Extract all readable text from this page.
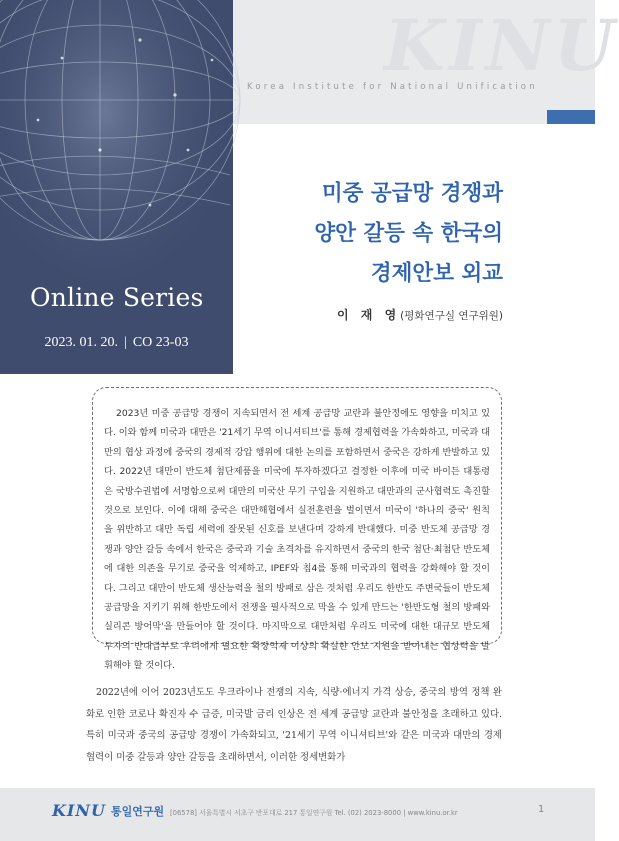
KINU
Korea Institute for National Unification
Online Series
2023. 01. 20. | CO 23-03
미중 공급망 경쟁과
양안 갈등 속 한국의
경제안보 외교
이 재 영(평화연구실 연구위원)
2023년 미중 공급망 경쟁이 지속되면서 전 세계 공급망 교란과 불안정에도 영향을 미치고 있다. 이와 함께 미국과 대만은 '21세기 무역 이니셔티브'를 통해 경제협력을 가속화하고, 미국과 대만의 협상 과정에 중국의 경제적 강압 행위에 대한 논의를 포함하면서 중국은 강하게 반발하고 있다. 2022년 대만이 반도체 첨단제품을 미국에 투자하겠다고 결정한 이후에 미국 바이든 대통령은 국방수권법에 서명함으로써 대만의 미국산 무기 구입을 지원하고 대만과의 군사협력도 촉진할 것으로 보인다. 이에 대해 중국은 대만해협에서 실전훈련을 벌이면서 미국이 '하나의 중국' 원칙을 위반하고 대만 독립 세력에 잘못된 신호를 보낸다며 강하게 반대했다. 미중 반도체 공급망 경쟁과 양안 갈등 속에서 한국은 중국과 기술 초격차를 유지하면서 중국의 한국 첨단·최첨단 반도체에 대한 의존을 무기로 중국을 억제하고, IPEF와 칩4를 통해 미국과의 협력을 강화해야 할 것이다. 그리고 대만이 반도체 생산능력을 철의 방패로 삼은 것처럼 우리도 한반도 주변국들이 반도체 공급망을 지키기 위해 한반도에서 전쟁을 필사적으로 막을 수 있게 만드는 '한반도형 철의 방패와 실리콘 방어막'을 만들어야 할 것이다. 마지막으로 대만처럼 우리도 미국에 대한 대규모 반도체 투자의 반대급부로 우리에게 필요한 확장억제 이상의 확실한 안보 지원을 받아내는 협상력을 발휘해야 할 것이다.
2022년에 이어 2023년도도 우크라이나 전쟁의 지속, 식량·에너지 가격 상승, 중국의 방역 정책 완화로 인한 코로나 확진자 수 급증, 미국발 금리 인상은 전 세계 공급망 교란과 불안정을 초래하고 있다. 특히 미국과 중국의 공급망 경쟁이 가속화되고, '21세기 무역 이니셔티브'와 같은 미국과 대만의 경제협력이 미중 갈등과 양안 갈등을 초래하면서, 이러한 정세변화가
KINU 통일연구원 [06578] 서울특별시 서초구 반포대로 217 통일연구원 Tel. (02) 2023-8000 | www.kinu.or.kr	1
